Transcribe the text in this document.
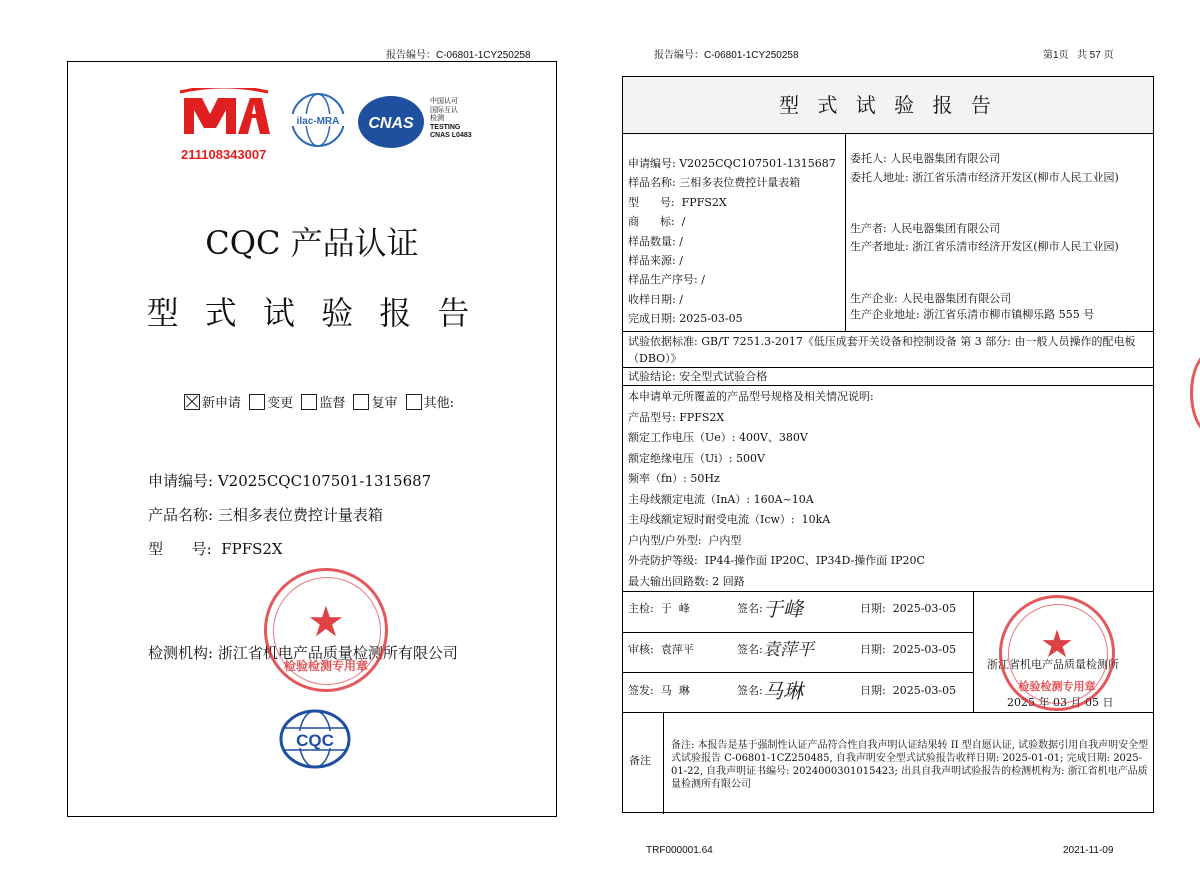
报告编号：C-06801-1CY250258
211108343007
ilac-MRA CNAS
中国认可
国际互认
检测
TESTING
CNAS L0483
CQC 产品认证
型 式 试 验 报 告
新申请 变更 监督 复审 其他:
申请编号: V2025CQC107501-1315687
产品名称: 三相多表位费控计量表箱
型      号:  FPFS2X
检测机构: 浙江省机电产品质量检测所有限公司
★
检验检测专用章
CQC
报告编号：C-06801-1CY250258	第1页   共 57 页
型 式 试 验 报 告
申请编号: V2025CQC107501-1315687
样品名称: 三相多表位费控计量表箱
型      号:  FPFS2X
商      标:  /
样品数量: /
样品来源: /
样品生产序号: /
收样日期: /
完成日期: 2025-03-05
委托人: 人民电器集团有限公司
委托人地址: 浙江省乐清市经济开发区(柳市人民工业园)
生产者: 人民电器集团有限公司
生产者地址: 浙江省乐清市经济开发区(柳市人民工业园)
生产企业: 人民电器集团有限公司
生产企业地址: 浙江省乐清市柳市镇柳乐路 555 号
试验依据标准: GB/T 7251.3-2017《低压成套开关设备和控制设备 第 3 部分: 由一般人员操作的配电板（DBO）》
试验结论: 安全型式试验合格
本申请单元所覆盖的产品型号规格及相关情况说明:
产品型号: FPFS2X
额定工作电压（Ue）: 400V、380V
额定绝缘电压（Ui）: 500V
频率（fn）: 50Hz
主母线额定电流（InA）: 160A~10A
主母线额定短时耐受电流（Icw）:  10kA
户内型/户外型:  户内型
外壳防护等级:  IP44-操作面 IP20C、IP34D-操作面 IP20C
最大输出回路数: 2 回路
主检:  于  峰	签名: 于峰	日期:  2025-03-05
审核:  袁萍平	签名: 袁萍平	日期:  2025-03-05
签发:  马  琳	签名: 马琳	日期:  2025-03-05
浙江省机电产品质量检测所
2025 年 03 月 05 日
★
检验检测专用章
备注
备注: 本报告是基于强制性认证产品符合性自我声明认证结果转 II 型自愿认证, 试验数据引用自我声明安全型式试验报告 C-06801-1CZ250485, 自我声明安全型式试验报告收样日期: 2025-01-01; 完成日期: 2025-01-22, 自我声明证书编号: 2024000301015423; 出具自我声明试验报告的检测机构为: 浙江省机电产品质量检测所有限公司
TRF000001.64	2021-11-09
